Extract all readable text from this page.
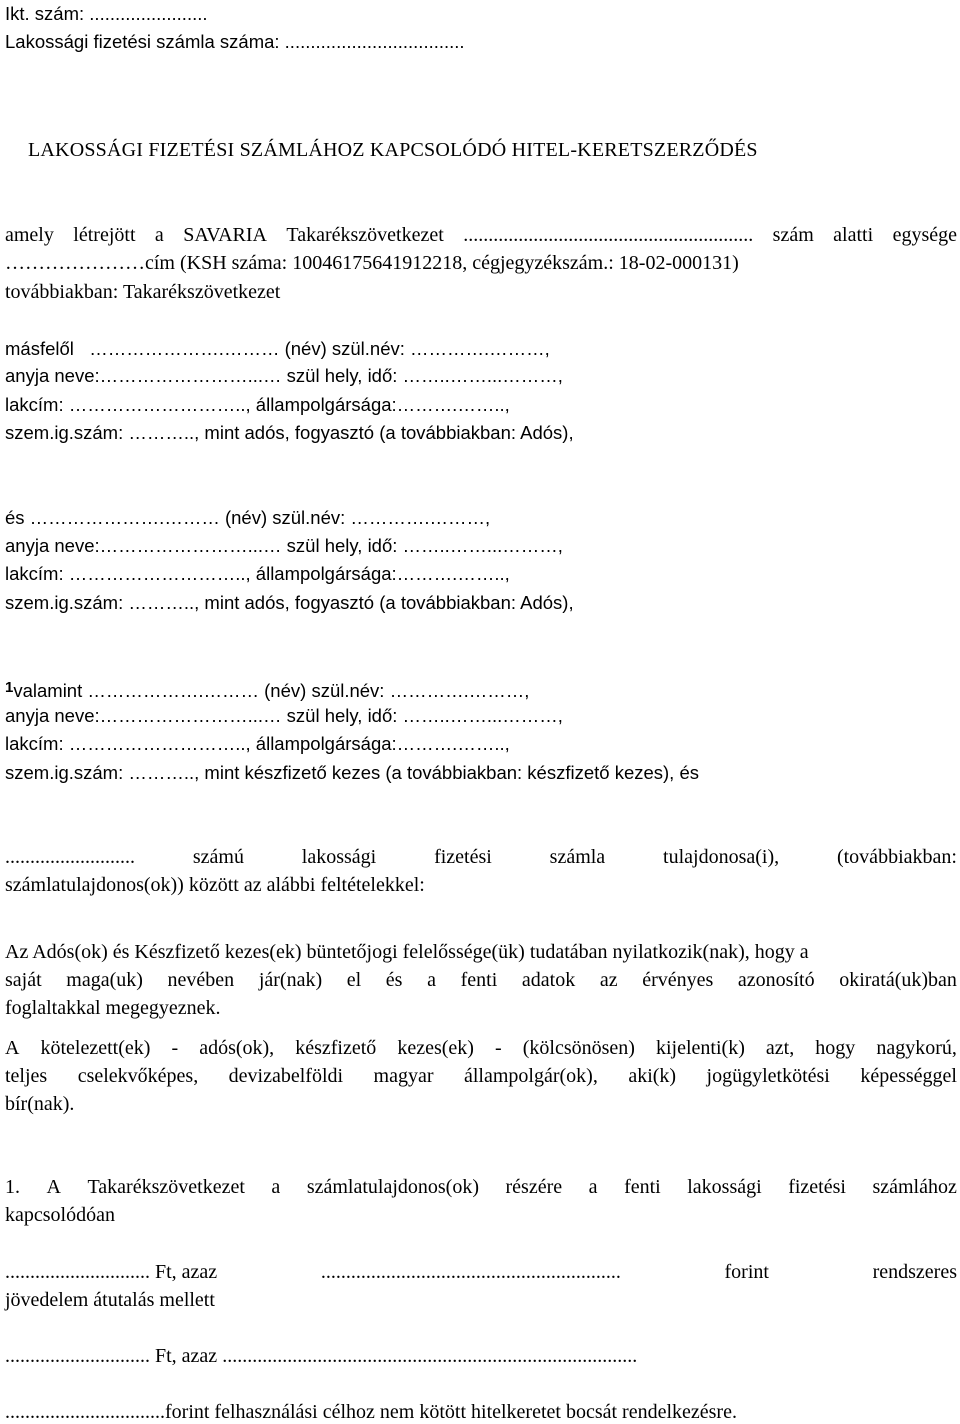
Ikt. szám: .......................
Lakossági fizetési számla száma: ...................................
LAKOSSÁGI FIZETÉSI SZÁMLÁHOZ KAPCSOLÓDÓ HITEL-KERETSZERZŐDÉS
amely létrejött a SAVARIA Takarékszövetkezet .......................................................... szám alatti egysége
…………………cím (KSH száma: 10046175641912218, cégjegyzékszám.: 18-02-000131)
továbbiakban: Takarékszövetkezet
másfelől   ………………….……… (név) szül.név: ………….………,
anyja neve:……………………...… szül hely, idő: ……..……...………,
lakcím: ……………………….., állampolgársága:……….……..,
szem.ig.szám: ……….., mint adós, fogyasztó (a továbbiakban: Adós),
és ………………….……… (név) szül.név: ………….………,
anyja neve:……………………...… szül hely, idő: ……..……...………,
lakcím: ……………………….., állampolgársága:……….……..,
szem.ig.szám: ……….., mint adós, fogyasztó (a továbbiakban: Adós),
$^1$valamint ……………….……… (név) szül.név: ………….………,
anyja neve:……………………...… szül hely, idő: ……..……...………,
lakcím: ……………………….., állampolgársága:……….……..,
szem.ig.szám: ……….., mint készfizető kezes (a továbbiakban: készfizető kezes), és
..........................	számú	lakossági	fizetési	számla	tulajdonosa(i),	(továbbiakban:
számlatulajdonos(ok)) között az alábbi feltételekkel:
Az Adós(ok) és Készfizető kezes(ek) büntetőjogi felelőssége(ük) tudatában nyilatkozik(nak), hogy a
saját maga(uk) nevében jár(nak) el és a fenti adatok az érvényes azonosító okiratá(uk)ban
foglaltakkal megegyeznek.
A kötelezett(ek) - adós(ok), készfizető kezes(ek) - (kölcsönösen) kijelenti(k) azt, hogy nagykorú,
teljes cselekvőképes, devizabelföldi magyar állampolgár(ok), aki(k) jogügyletkötési képességgel
bír(nak).
1. A Takarékszövetkezet a számlatulajdonos(ok) részére a fenti lakossági fizetési számlához
kapcsolódóan
............................. Ft, azaz	............................................................	forint	rendszeres
jövedelem átutalás mellett
............................. Ft, azaz ...................................................................................
................................forint felhasználási célhoz nem kötött hitelkeretet bocsát rendelkezésre.
